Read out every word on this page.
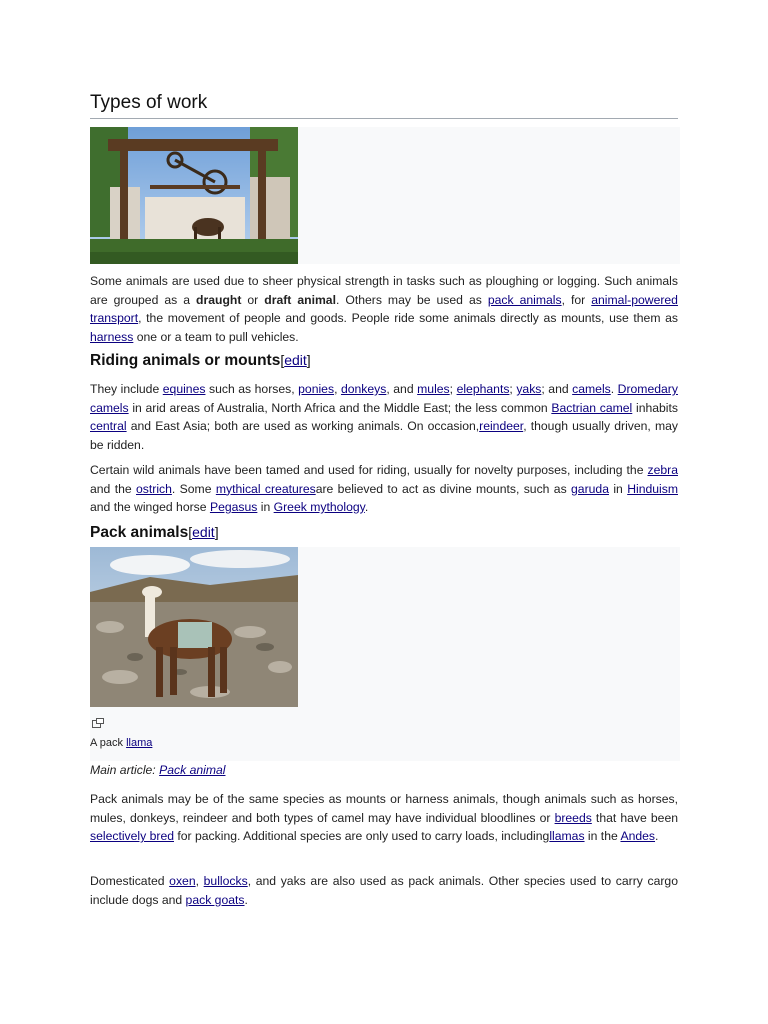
Types of work

Some animals are used due to sheer physical strength in tasks such as ploughing or logging. Such animals are grouped as a draught or draft animal. Others may be used as pack animals, for animal-powered transport, the movement of people and goods. People ride some animals directly as mounts, use them as harness one or a team to pull vehicles.

Riding animals or mounts[edit]

They include equines such as horses, ponies, donkeys, and mules; elephants; yaks; and camels. Dromedary camels in arid areas of Australia, North Africa and the Middle East; the less common Bactrian camel inhabits central and East Asia; both are used as working animals. On occasion,reindeer, though usually driven, may be ridden.

Certain wild animals have been tamed and used for riding, usually for novelty purposes, including the zebra and the ostrich. Some mythical creaturesare believed to act as divine mounts, such as garuda in Hinduism and the winged horse Pegasus in Greek mythology.

Pack animals[edit]
A pack llama
Main article: Pack animal

Pack animals may be of the same species as mounts or harness animals, though animals such as horses, mules, donkeys, reindeer and both types of camel may have individual bloodlines or breeds that have been selectively bred for packing. Additional species are only used to carry loads, includingllamas in the Andes.

Domesticated oxen, bullocks, and yaks are also used as pack animals. Other species used to carry cargo include dogs and pack goats.
